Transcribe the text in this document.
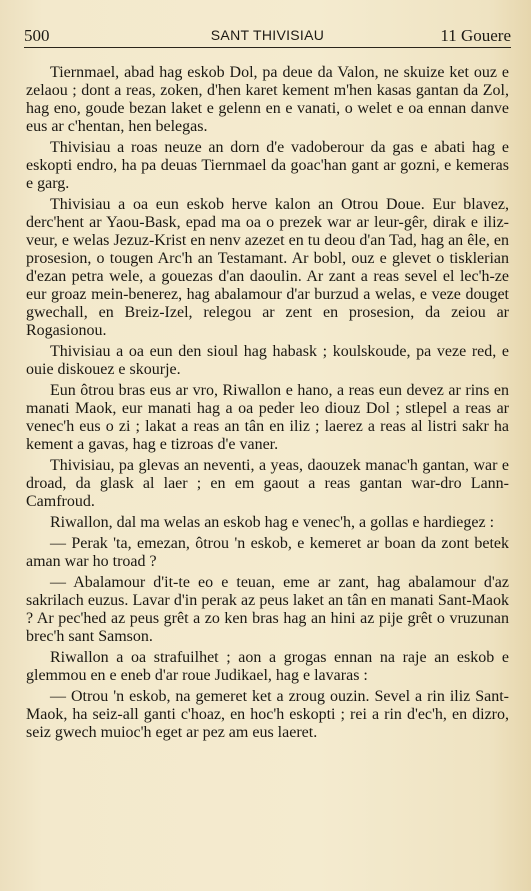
500	SANT THIVISIAU	11 Gouere

Tiernmael, abad hag eskob Dol, pa deue da Valon, ne skuize ket ouz e zelaou ; dont a reas, zoken, d'hen karet kement m'hen kasas gantan da Zol, hag eno, goude bezan laket e gelenn en e vanati, o welet e oa ennan danve eus ar c'hentan, hen belegas.

Thivisiau a roas neuze an dorn d'e vadoberour da gas e abati hag e eskopti endro, ha pa deuas Tiernmael da goac'han gant ar gozni, e kemeras e garg.

Thivisiau a oa eun eskob herve kalon an Otrou Doue. Eur blavez, derc'hent ar Yaou-Bask, epad ma oa o prezek war ar leur-gêr, dirak e iliz-veur, e welas Jezuz-Krist en nenv azezet en tu deou d'an Tad, hag an êle, en prosesion, o tougen Arc'h an Testamant. Ar bobl, ouz e glevet o tisklerian d'ezan petra wele, a gouezas d'an daoulin. Ar zant a reas sevel el lec'h-ze eur groaz mein-benerez, hag abalamour d'ar burzud a welas, e veze douget gwechall, en Breiz-Izel, relegou ar zent en prosesion, da zeiou ar Rogasionou.

Thivisiau a oa eun den sioul hag habask ; koulskoude, pa veze red, e ouie diskouez e skourje.

Eun ôtrou bras eus ar vro, Riwallon e hano, a reas eun devez ar rins en manati Maok, eur manati hag a oa peder leo diouz Dol ; stlepel a reas ar venec'h eus o zi ; lakat a reas an tân en iliz ; laerez a reas al listri sakr ha kement a gavas, hag e tizroas d'e vaner.

Thivisiau, pa glevas an neventi, a yeas, daouzek manac'h gantan, war e droad, da glask al laer ; en em gaout a reas gantan war-dro Lann-Camfroud.

Riwallon, dal ma welas an eskob hag e venec'h, a gollas e hardiegez :

— Perak 'ta, emezan, ôtrou 'n eskob, e kemeret ar boan da zont betek aman war ho troad ?

— Abalamour d'it-te eo e teuan, eme ar zant, hag abalamour d'az sakrilach euzus. Lavar d'in perak az peus laket an tân en manati Sant-Maok ? Ar pec'hed az peus grêt a zo ken bras hag an hini az pije grêt o vruzunan brec'h sant Samson.

Riwallon a oa strafuilhet ; aon a grogas ennan na raje an eskob e glemmou en e eneb d'ar roue Judikael, hag e lavaras :

— Otrou 'n eskob, na gemeret ket a zroug ouzin. Sevel a rin iliz Sant-Maok, ha seiz-all ganti c'hoaz, en hoc'h eskopti ; rei a rin d'ec'h, en dizro, seiz gwech muioc'h eget ar pez am eus laeret.
